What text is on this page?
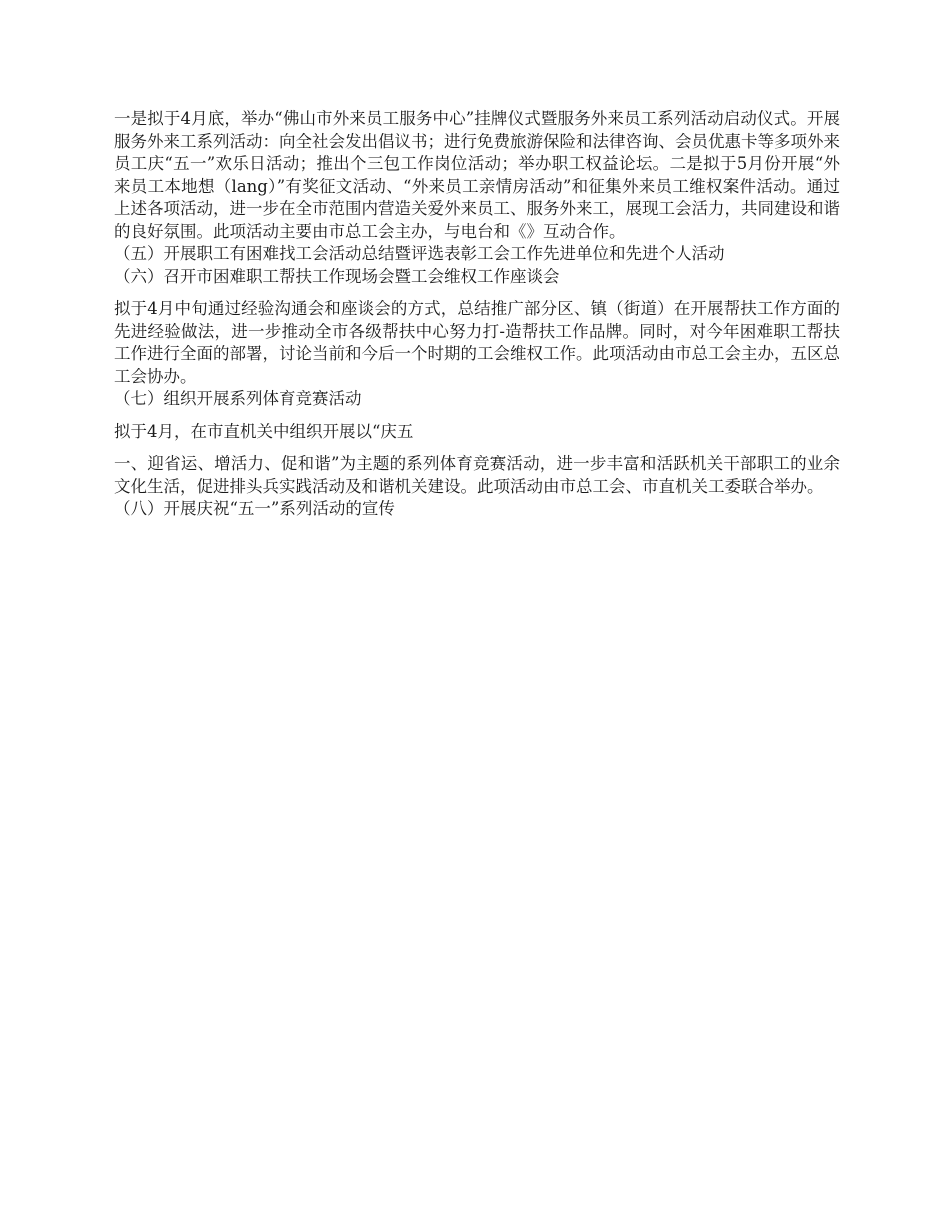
一是拟于4月底，举办“佛山市外来员工服务中心”挂牌仪式暨服务外来员工系列活动启动仪式。开展服务外来工系列活动：向全社会发出倡议书；进行免费旅游保险和法律咨询、会员优惠卡等多项外来员工庆“五一”欢乐日活动；推出个三包工作岗位活动；举办职工权益论坛。二是拟于5月份开展“外来员工本地想（lang）”有奖征文活动、“外来员工亲情房活动”和征集外来员工维权案件活动。通过上述各项活动，进一步在全市范围内营造关爱外来员工、服务外来工，展现工会活力，共同建设和谐的良好氛围。此项活动主要由市总工会主办，与电台和《》互动合作。

（五）开展职工有困难找工会活动总结暨评选表彰工会工作先进单位和先进个人活动

（六）召开市困难职工帮扶工作现场会暨工会维权工作座谈会

拟于4月中旬通过经验沟通会和座谈会的方式，总结推广部分区、镇（街道）在开展帮扶工作方面的先进经验做法，进一步推动全市各级帮扶中心努力打-造帮扶工作品牌。同时，对今年困难职工帮扶工作进行全面的部署，讨论当前和今后一个时期的工会维权工作。此项活动由市总工会主办，五区总工会协办。

（七）组织开展系列体育竞赛活动

拟于4月，在市直机关中组织开展以“庆五

一、迎省运、增活力、促和谐”为主题的系列体育竞赛活动，进一步丰富和活跃机关干部职工的业余文化生活，促进排头兵实践活动及和谐机关建设。此项活动由市总工会、市直机关工委联合举办。

（八）开展庆祝“五一”系列活动的宣传
